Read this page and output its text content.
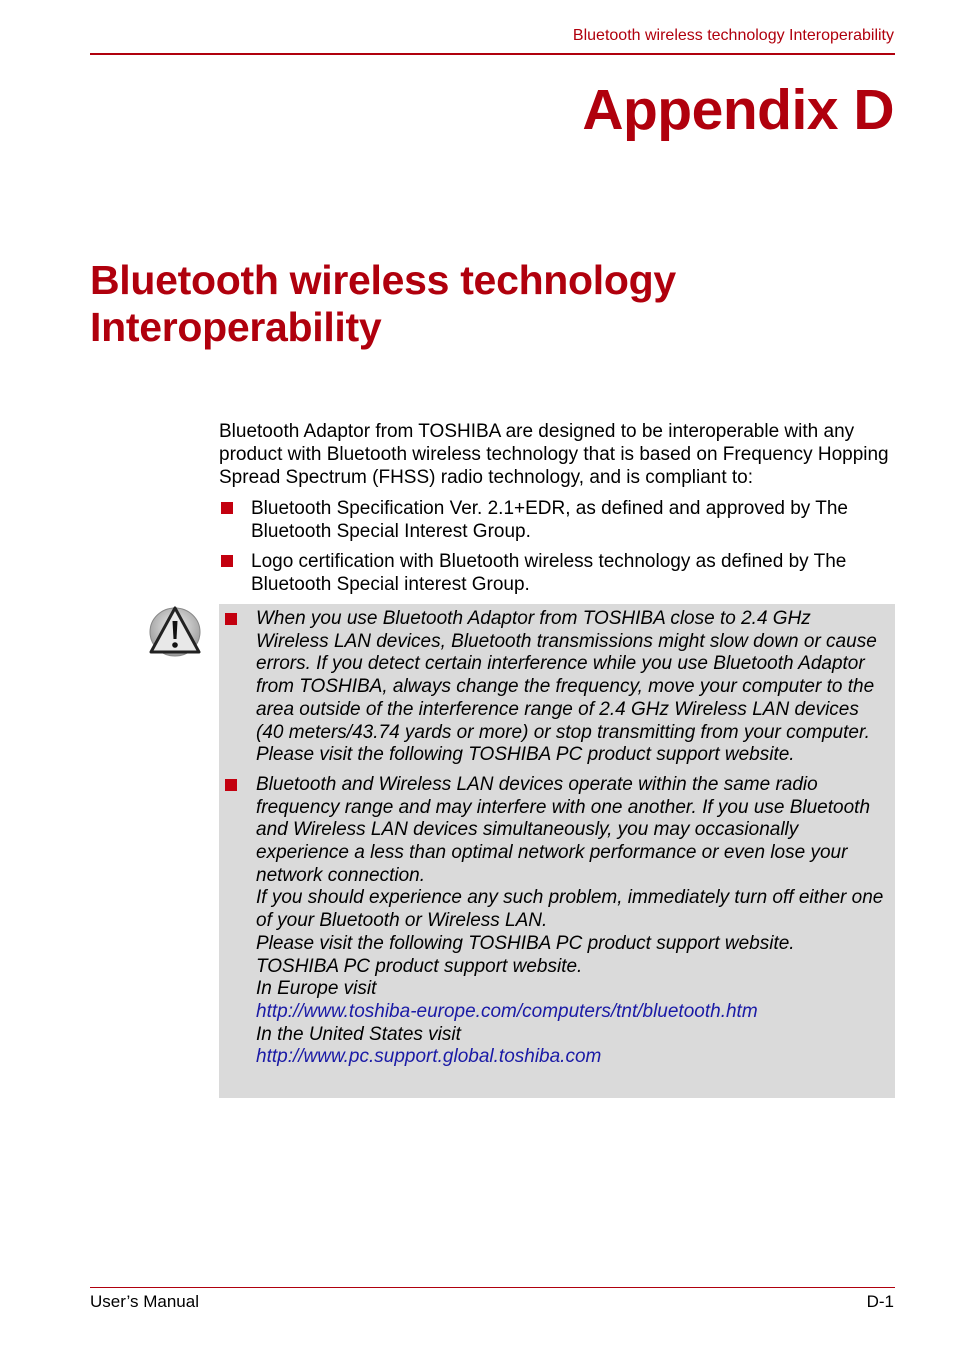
Bluetooth wireless technology Interoperability
Appendix D
Bluetooth wireless technology Interoperability

Bluetooth Adaptor from TOSHIBA are designed to be interoperable with any product with Bluetooth wireless technology that is based on Frequency Hopping Spread Spectrum (FHSS) radio technology, and is compliant to:

Bluetooth Specification Ver. 2.1+EDR, as defined and approved by The Bluetooth Special Interest Group.
Logo certification with Bluetooth wireless technology as defined by The Bluetooth Special interest Group.
When you use Bluetooth Adaptor from TOSHIBA close to 2.4 GHz Wireless LAN devices, Bluetooth transmissions might slow down or cause errors. If you detect certain interference while you use Bluetooth Adaptor from TOSHIBA, always change the frequency, move your computer to the area outside of the interference range of 2.4 GHz Wireless LAN devices (40 meters/43.74 yards or more) or stop transmitting from your computer. Please visit the following TOSHIBA PC product support website.
Bluetooth and Wireless LAN devices operate within the same radio frequency range and may interfere with one another. If you use Bluetooth and Wireless LAN devices simultaneously, you may occasionally experience a less than optimal network performance or even lose your network connection.
If you should experience any such problem, immediately turn off either one of your Bluetooth or Wireless LAN.
Please visit the following TOSHIBA PC product support website.
TOSHIBA PC product support website.
In Europe visit
http://www.toshiba-europe.com/computers/tnt/bluetooth.htm
In the United States visit
http://www.pc.support.global.toshiba.com
User’s Manual	D-1
